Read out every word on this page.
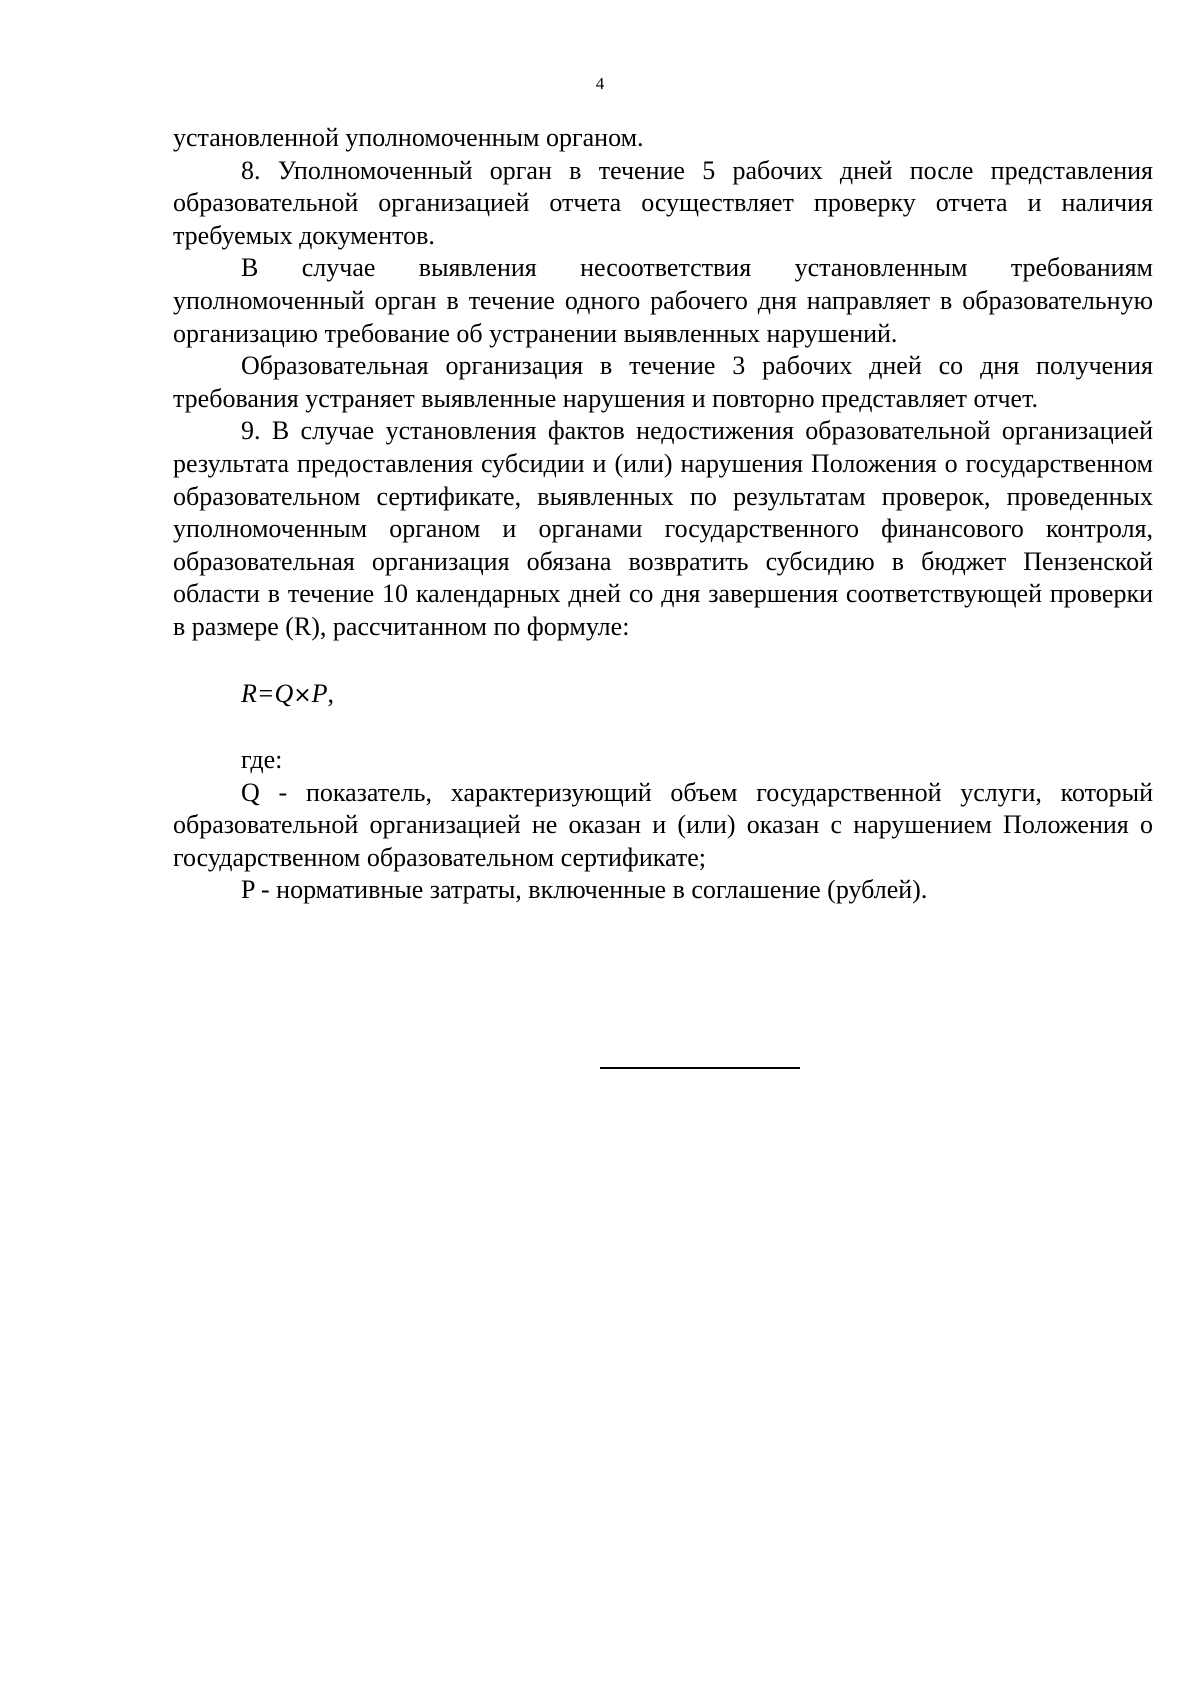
4

установленной уполномоченным органом.

8. Уполномоченный орган в течение 5 рабочих дней после представления образовательной организацией отчета осуществляет проверку отчета и наличия требуемых документов.

В случае выявления несоответствия установленным требованиям уполномоченный орган в течение одного рабочего дня направляет в образовательную организацию требование об устранении выявленных нарушений.

Образовательная организация в течение 3 рабочих дней со дня получения требования устраняет выявленные нарушения и повторно представляет отчет.

9. В случае установления фактов недостижения образовательной организацией результата предоставления субсидии и (или) нарушения Положения о государственном образовательном сертификате, выявленных по результатам проверок, проведенных уполномоченным органом и органами государственного финансового контроля, образовательная организация обязана возвратить субсидию в бюджет Пензенской области в течение 10 календарных дней со дня завершения соответствующей проверки в размере (R), рассчитанном по формуле:

R=Q×P,

где:

Q - показатель, характеризующий объем государственной услуги, который образовательной организацией не оказан и (или) оказан с нарушением Положения о государственном образовательном сертификате;

P - нормативные затраты, включенные в соглашение (рублей).
